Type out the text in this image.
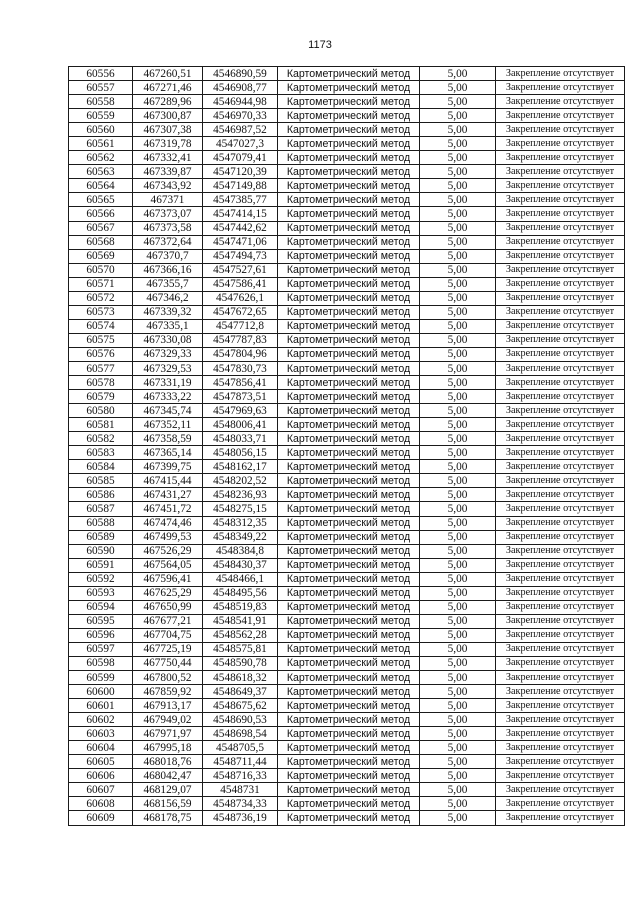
1173
60556	467260,51	4546890,59	Картометрический метод	5,00	Закрепление отсутствует
60557	467271,46	4546908,77	Картометрический метод	5,00	Закрепление отсутствует
60558	467289,96	4546944,98	Картометрический метод	5,00	Закрепление отсутствует
60559	467300,87	4546970,33	Картометрический метод	5,00	Закрепление отсутствует
60560	467307,38	4546987,52	Картометрический метод	5,00	Закрепление отсутствует
60561	467319,78	4547027,3	Картометрический метод	5,00	Закрепление отсутствует
60562	467332,41	4547079,41	Картометрический метод	5,00	Закрепление отсутствует
60563	467339,87	4547120,39	Картометрический метод	5,00	Закрепление отсутствует
60564	467343,92	4547149,88	Картометрический метод	5,00	Закрепление отсутствует
60565	467371	4547385,77	Картометрический метод	5,00	Закрепление отсутствует
60566	467373,07	4547414,15	Картометрический метод	5,00	Закрепление отсутствует
60567	467373,58	4547442,62	Картометрический метод	5,00	Закрепление отсутствует
60568	467372,64	4547471,06	Картометрический метод	5,00	Закрепление отсутствует
60569	467370,7	4547494,73	Картометрический метод	5,00	Закрепление отсутствует
60570	467366,16	4547527,61	Картометрический метод	5,00	Закрепление отсутствует
60571	467355,7	4547586,41	Картометрический метод	5,00	Закрепление отсутствует
60572	467346,2	4547626,1	Картометрический метод	5,00	Закрепление отсутствует
60573	467339,32	4547672,65	Картометрический метод	5,00	Закрепление отсутствует
60574	467335,1	4547712,8	Картометрический метод	5,00	Закрепление отсутствует
60575	467330,08	4547787,83	Картометрический метод	5,00	Закрепление отсутствует
60576	467329,33	4547804,96	Картометрический метод	5,00	Закрепление отсутствует
60577	467329,53	4547830,73	Картометрический метод	5,00	Закрепление отсутствует
60578	467331,19	4547856,41	Картометрический метод	5,00	Закрепление отсутствует
60579	467333,22	4547873,51	Картометрический метод	5,00	Закрепление отсутствует
60580	467345,74	4547969,63	Картометрический метод	5,00	Закрепление отсутствует
60581	467352,11	4548006,41	Картометрический метод	5,00	Закрепление отсутствует
60582	467358,59	4548033,71	Картометрический метод	5,00	Закрепление отсутствует
60583	467365,14	4548056,15	Картометрический метод	5,00	Закрепление отсутствует
60584	467399,75	4548162,17	Картометрический метод	5,00	Закрепление отсутствует
60585	467415,44	4548202,52	Картометрический метод	5,00	Закрепление отсутствует
60586	467431,27	4548236,93	Картометрический метод	5,00	Закрепление отсутствует
60587	467451,72	4548275,15	Картометрический метод	5,00	Закрепление отсутствует
60588	467474,46	4548312,35	Картометрический метод	5,00	Закрепление отсутствует
60589	467499,53	4548349,22	Картометрический метод	5,00	Закрепление отсутствует
60590	467526,29	4548384,8	Картометрический метод	5,00	Закрепление отсутствует
60591	467564,05	4548430,37	Картометрический метод	5,00	Закрепление отсутствует
60592	467596,41	4548466,1	Картометрический метод	5,00	Закрепление отсутствует
60593	467625,29	4548495,56	Картометрический метод	5,00	Закрепление отсутствует
60594	467650,99	4548519,83	Картометрический метод	5,00	Закрепление отсутствует
60595	467677,21	4548541,91	Картометрический метод	5,00	Закрепление отсутствует
60596	467704,75	4548562,28	Картометрический метод	5,00	Закрепление отсутствует
60597	467725,19	4548575,81	Картометрический метод	5,00	Закрепление отсутствует
60598	467750,44	4548590,78	Картометрический метод	5,00	Закрепление отсутствует
60599	467800,52	4548618,32	Картометрический метод	5,00	Закрепление отсутствует
60600	467859,92	4548649,37	Картометрический метод	5,00	Закрепление отсутствует
60601	467913,17	4548675,62	Картометрический метод	5,00	Закрепление отсутствует
60602	467949,02	4548690,53	Картометрический метод	5,00	Закрепление отсутствует
60603	467971,97	4548698,54	Картометрический метод	5,00	Закрепление отсутствует
60604	467995,18	4548705,5	Картометрический метод	5,00	Закрепление отсутствует
60605	468018,76	4548711,44	Картометрический метод	5,00	Закрепление отсутствует
60606	468042,47	4548716,33	Картометрический метод	5,00	Закрепление отсутствует
60607	468129,07	4548731	Картометрический метод	5,00	Закрепление отсутствует
60608	468156,59	4548734,33	Картометрический метод	5,00	Закрепление отсутствует
60609	468178,75	4548736,19	Картометрический метод	5,00	Закрепление отсутствует
